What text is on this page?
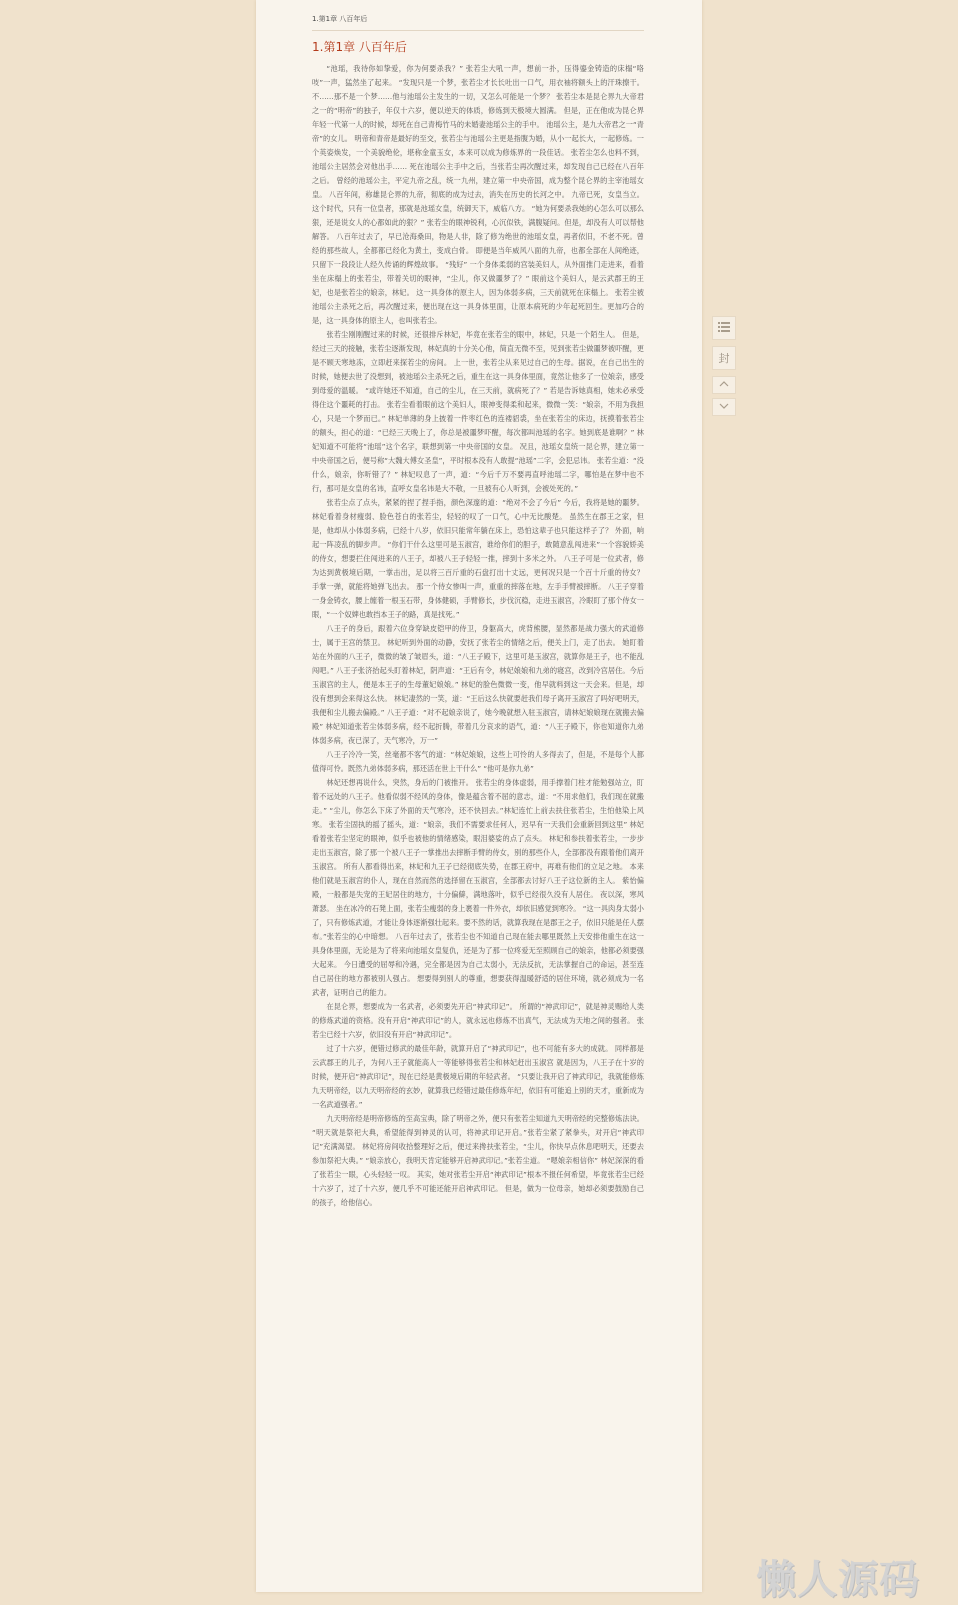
1.第1章 八百年后
1.第1章 八百年后

“池瑶，我待你如挚爱，你为何要杀我？” 张若尘大吼一声，想前一扑，压得鎏金铸造的床榻“咯吱”一声，猛然坐了起来。 “发现只是一个梦，张若尘才长长吐出一口气，用衣袖将额头上的汗珠擦干。 不……那不是一个梦……他与池瑶公主发生的一切，又怎么可能是一个梦？ 张若尘本是昆仑界九大帝君之一的“明帝”的独子，年仅十六岁，便以逆天的体质，修炼到天极境大圆满。 但是，正在他成为昆仑界年轻一代第一人的时候，却死在自己青梅竹马的未婚妻池瑶公主的手中。 池瑶公主，是九大帝君之一“青帝”的女儿。 明帝和青帝是最好的至交，张若尘与池瑶公主更是指腹为婚，从小一起长大，一起修炼。一个英姿焕发，一个美貌绝伦，堪称金童玉女，本来可以成为修炼界的一段佳话。 张若尘怎么也料不到，池瑶公主居然会对他出手…… 死在池瑶公主手中之后，当张若尘再次醒过来，却发现自己已经在八百年之后。 曾经的池瑶公主，平定九帝之乱，统一九州，建立第一中央帝国，成为整个昆仑界的主宰池瑶女皇。 八百年间，称雄昆仑界的九帝，彻底的成为过去，消失在历史的长河之中。 九帝已死，女皇当立。 这个时代，只有一位皇者，那就是池瑶女皇，统御天下，威临八方。 “她为何要杀我她的心怎么可以那么狠，还是说女人的心都如此的狠？” 张若尘的眼神锐利，心沉似铁，满腹疑问。但是，却没有人可以帮他解答。 八百年过去了，早已沧海桑田，物是人非，除了修为绝世的池瑶女皇，再者依旧，不老不死。曾经的那些故人，全都都已经化为黄土，变成白骨。 即便是当年威风八面的九帝，也都全部在人间绝迹，只留下一段段让人经久传诵的辉煌故事。 “残好” 一个身体柔弱的宫装美妇人，从外面推门走进来，看着坐在床榻上的张若尘，带着关切的眼神，“尘儿，你又做噩梦了？” 眼前这个美妇人，是云武郡王的王妃，也是张若尘的娘亲，林妃。 这一具身体的原主人，因为体弱多病，三天前就死在床榻上。 张若尘被池瑶公主杀死之后，再次醒过来，便出现在这一具身体里面，让原本病死的少年起死回生。更加巧合的是，这一具身体的原主人，也叫张若尘。

张若尘刚刚醒过来的时候，还很排斥林妃，毕竟在张若尘的眼中，林妃，只是一个陌生人。 但是，经过三天的接触，张若尘逐渐发现，林妃真的十分关心他，简直无微不至，见到张若尘做噩梦被吓醒，更是不顾天寒地冻，立即赶来探若尘的房间。 上一世，张若尘从来见过自己的生母。据说，在自己出生的时候，她便去世了没想到，被池瑶公主杀死之后，重生在这一具身体里面，竟然让他多了一位娘亲，感受到母爱的温暖。 “或许她还不知道，自己的尘儿，在三天前，就病死了？” 若是告诉她真相，她未必承受得住这个噩耗的打击。 张若尘看着眼前这个美妇人，眼神变得柔和起来，微微一笑：“娘亲，不用为我担心，只是一个梦而已。” 林妃单薄的身上披着一件枣红色的连褛貂裘，坐在张若尘的床边，抚摸着张若尘的额头，担心的道：“已经三天晚上了，你总是被噩梦吓醒，每次都叫池瑶的名字。她到底是谁啊？” 林妃知道不可能将“池瑶”这个名字，联想到第一中央帝国的女皇。 况且，池瑶女皇统一昆仑界，建立第一中央帝国之后，便号称“大魏大傅女圣皇”，平时根本没有人敢提“池瑶”二字，会犯忌讳。 张若尘道：“没什么，娘亲，你听错了？” 林妃叹息了一声，道：“今后千万不要再直呼池瑶二字，哪怕是在梦中也不行，那可是女皇的名讳，直呼女皇名讳是大不敬，一旦被有心人听到，会被处死的。”

张若尘点了点头，紧紧的捏了捏手指，颜色深邃的道：“绝对不会了今后” 今后，我将是她的噩梦。 林妃看着身材瘦弱、脸色苍白的张若尘，轻轻的叹了一口气，心中无比酸楚。 虽然生在郡王之家，但是，他却从小体弱多病，已经十八岁，依旧只能常年躺在床上，恐怕这辈子也只能这样子了？ 外面，响起一阵凌乱的脚步声。 “你们干什么这里可是玉淑宫，谁给你们的胆子，敢随意乱闯进来”一个容貌娇美的侍女，想要拦住闯进来的八王子，却被八王子轻轻一推，摔到十多米之外。 八王子可是一位武者，修为达到黄极境后期，一掌击出，足以将三百斤重的石盘打出十丈远，更何况只是一个百十斤重的侍女？ 手掌一弹，就能将她弹飞出去。 那一个侍女惨叫一声，重重的摔落在地，左手手臂被摔断。 八王子穿着一身金铸衣，腰上缠着一根玉石带，身体健硕，手臂修长，步伐沉稳，走进玉淑宫，冷眼盯了那个侍女一眼，“一个奴婢也敢挡本王子的路，真是找死。”

八王子的身后，跟着六位身穿缺皮铠甲的侍卫，身躯高大，虎背熊腰，显然都是战力强大的武道修士，属于王宫的禁卫。 林妃听到外面的动静，安抚了张若尘的情绪之后，便关上门，走了出去。 她盯着站在外面的八王子，微微的皱了皱眉头，道：“八王子殿下，这里可是玉淑宫，就算你是王子，也不能乱闯吧。” 八王子张济抬起头盯着林妃，阴声道：“王后有令，林妃娘娘和九弟的寝宫，改到冷宫居住。今后玉淑宫的主人，便是本王子的生母董妃娘娘。” 林妃的脸色微微一变，他早就料到这一天会来。但是，却没有想到会来得这么快。 林妃凄然的一笑，道：“王后这么快就要赶我们母子离开玉淑宫了吗好吧明天，我便和尘儿搬去偏殿。” 八王子道：“对不起娘亲说了，她今晚就想入驻玉淑宫，请林妃娘娘现在就搬去偏殿” 林妃知道张若尘体弱多病，经不起折腾，带着几分哀求的语气，道：“八王子殿下，你也知道你九弟体弱多病，夜已深了，天气寒冷，万一”

八王子冷冷一笑，丝毫都不客气的道：“林妃娘娘，这些上可怜的人多得去了，但是，不是每个人都值得可怜。既然九弟体弱多病，那还活在世上干什么” “他可是你九弟”

林妃还想再说什么，突然，身后的门被推开。 张若尘的身体虚弱，用手撑着门柱才能勉强站立，盯着不远处的八王子。他看似弱不经风的身体，像是蕴含着不屈的意志，道：“不用求他们，我们现在就搬走。” “尘儿，你怎么下床了外面的天气寒冷，还不快回去。”林妃连忙上前去扶住张若尘，生怕他染上风寒。 张若尘固执的摇了摇头，道：“娘亲，我们不需要求任何人，迟早有一天我们会重新回到这里” 林妃看着张若尘坚定的眼神，似乎也被他的情绪感染，眼泪婆娑的点了点头。 林妃和参扶着张若尘，一步步走出玉淑宫，除了那一个被八王子一掌推出去摔断手臂的侍女，别的那些仆人，全部都没有跟着他们离开玉淑宫。 所有人都看得出来，林妃和九王子已经彻底失势，在郡王府中，再难有他们的立足之地。 本来他们就是玉淑宫的仆人，现在自然而然的选择留在玉淑宫，全部都去讨好八王子这位新的主人。 紫怡偏殿，一般都是失宠的王妃居住的地方，十分偏僻，满地落叶，似乎已经很久没有人居住。 夜以深，寒风萧瑟。 坐在冰冷的石凳上面，张若尘瘦弱的身上裹着一件外衣，却依旧感觉到寒冷。 “这一具肉身太弱小了，只有修炼武道，才能让身体逐渐强壮起来。要不然的话，就算我现在是郡王之子，依旧只能是任人摆布。”张若尘的心中暗想。 八百年过去了，张若尘也不知道自己现在能去哪里既然上天安排他重生在这一具身体里面，无论是为了将来向池瑶女皇复仇，还是为了那一位疼爱无至照顾自己的娘亲，他都必须要强大起来。 今日遭受的屈辱和冷遇，完全都是因为自己太弱小，无法反抗，无法掌握自己的命运，甚至连自己居住的地方都被别人强占。 想要得到别人的尊重，想要获得温暖舒适的居住环境，就必须成为一名武者，证明自己的能力。

在昆仑界，想要成为一名武者，必须要先开启“神武印记”。 所谓的“神武印记”，就是神灵赐给人类的修炼武道的资格。没有开启“神武印记”的人，就永远也修炼不出真气，无法成为天地之间的强者。 张若尘已经十六岁，依旧没有开启“神武印记”。

过了十六岁，便错过修武的最佳年龄，就算开启了“神武印记”，也不可能有多大的成就。 同样都是云武郡王的儿子，为何八王子就能高人一等能够得张若尘和林妃赶出玉淑宫 就是因为，八王子在十岁的时候，便开启“神武印记”，现在已经是黄极境后期的年轻武者。 “只要让我开启了神武印记，我就能修炼九天明帝经，以九天明帝经的玄妙，就算我已经错过最佳修炼年纪，依旧有可能追上别的天才，重新成为一名武道强者。”

九天明帝经是明帝修炼的至高宝典，除了明帝之外，便只有张若尘知道九天明帝经的完整修炼法诀。 “明天就是祭祀大典，希望能得到神灵的认可，将神武印记开启。”张若尘紧了紧拳头，对开启“神武印记”充满渴望。 林妃将房间收拾整理好之后，便过来搀扶张若尘，“尘儿，你快早点休息吧明天，还要去参加祭祀大典。” “娘亲放心，我明天肯定能够开启神武印记。”张若尘道。 “嗯娘亲相信你” 林妃深深的看了张若尘一眼，心头轻轻一叹。 其实，她对张若尘开启“神武印记”根本不报任何希望，毕竟张若尘已经十六岁了，过了十六岁，便几乎不可能还能开启神武印记。 但是，做为一位母亲，她却必须要鼓励自己的孩子，给他信心。

封
懒人源码
